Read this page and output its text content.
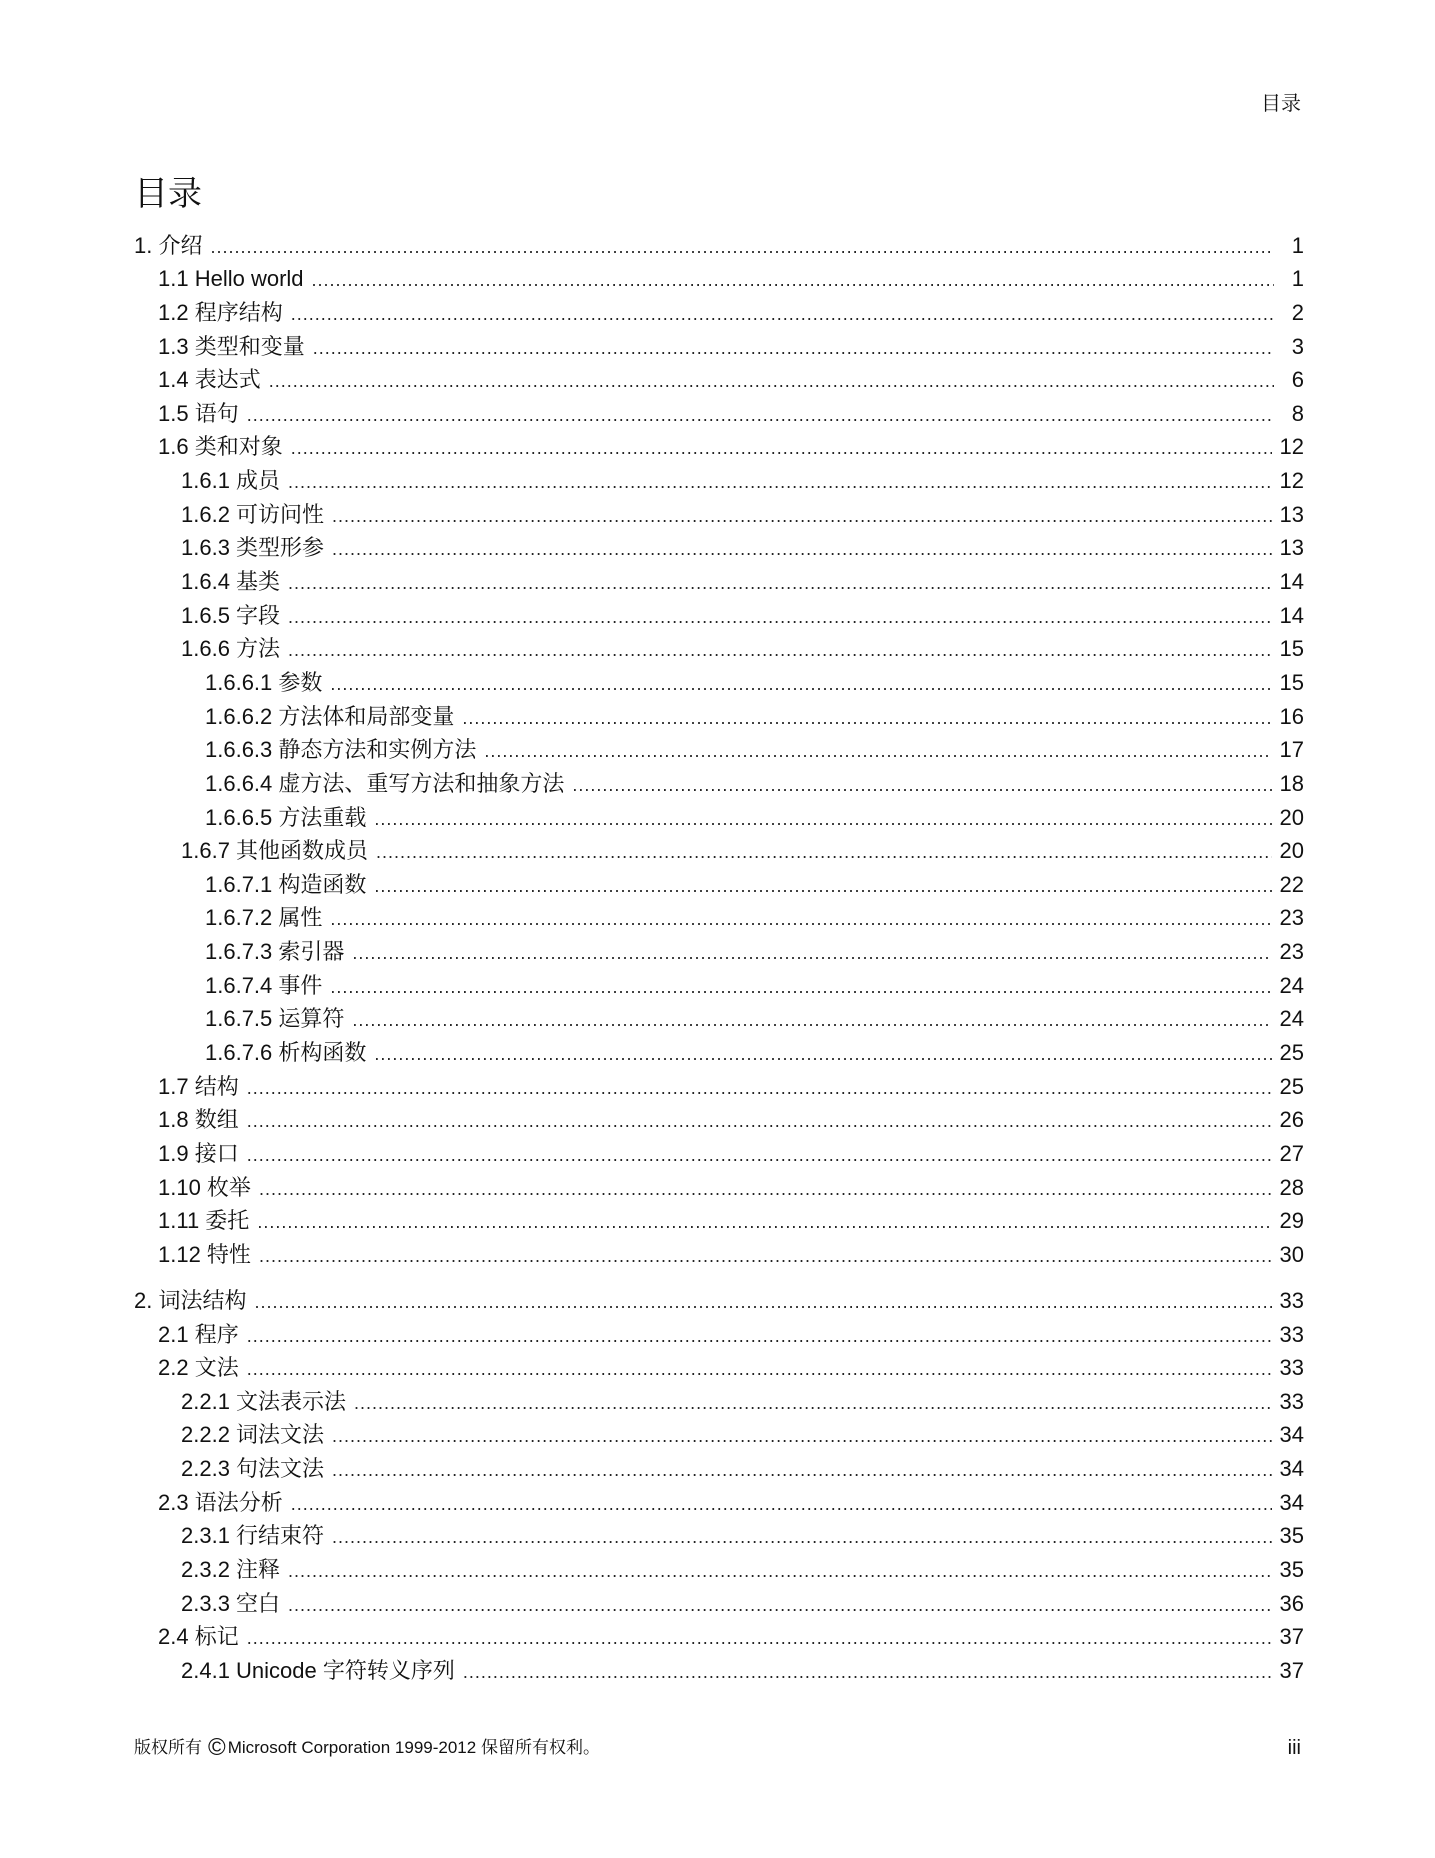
目录
目录
1. 介绍 .....	1
1.1 Hello world .....	1
1.2 程序结构 .....	2
1.3 类型和变量 .....	3
1.4 表达式 .....	6
1.5 语句 .....	8
1.6 类和对象 .....	12
1.6.1 成员 .....	12
1.6.2 可访问性 .....	13
1.6.3 类型形参 .....	13
1.6.4 基类 .....	14
1.6.5 字段 .....	14
1.6.6 方法 .....	15
1.6.6.1 参数 .....	15
1.6.6.2 方法体和局部变量 .....	16
1.6.6.3 静态方法和实例方法 .....	17
1.6.6.4 虚方法、重写方法和抽象方法 .....	18
1.6.6.5 方法重载 .....	20
1.6.7 其他函数成员 .....	20
1.6.7.1 构造函数 .....	22
1.6.7.2 属性 .....	23
1.6.7.3 索引器 .....	23
1.6.7.4 事件 .....	24
1.6.7.5 运算符 .....	24
1.6.7.6 析构函数 .....	25
1.7 结构 .....	25
1.8 数组 .....	26
1.9 接口 .....	27
1.10 枚举 .....	28
1.11 委托 .....	29
1.12 特性 .....	30
2. 词法结构 .....	33
2.1 程序 .....	33
2.2 文法 .....	33
2.2.1 文法表示法 .....	33
2.2.2 词法文法 .....	34
2.2.3 句法文法 .....	34
2.3 语法分析 .....	34
2.3.1 行结束符 .....	35
2.3.2 注释 .....	35
2.3.3 空白 .....	36
2.4 标记 .....	37
2.4.1 Unicode 字符转义序列 .....	37
版权所有 © Microsoft Corporation 1999-2012 保留所有权利。	iii
